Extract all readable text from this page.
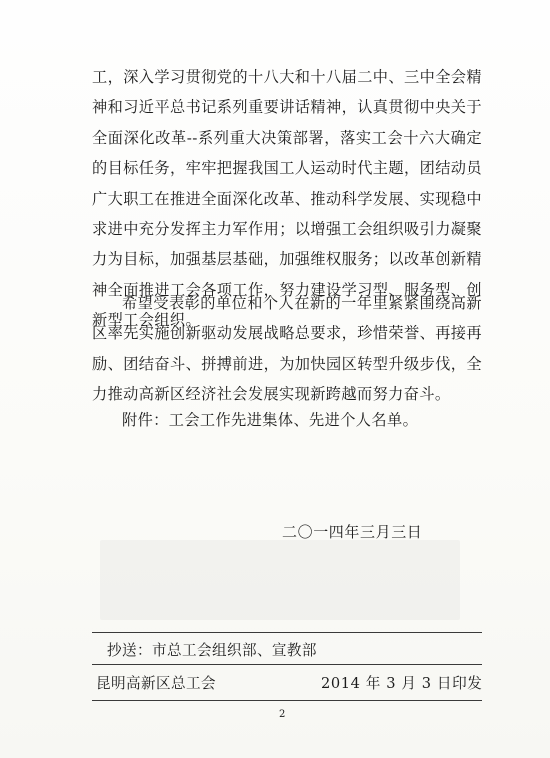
工，深入学习贯彻党的十八大和十八届二中、三中全会精神和习近平总书记系列重要讲话精神，认真贯彻中央关于全面深化改革--系列重大决策部署，落实工会十六大确定的目标任务，牢牢把握我国工人运动时代主题，团结动员广大职工在推进全面深化改革、推动科学发展、实现稳中求进中充分发挥主力军作用；以增强工会组织吸引力凝聚力为目标，加强基层基础，加强维权服务；以改革创新精神全面推进工会各项工作，努力建设学习型、服务型、创新型工会组织。

希望受表彰的单位和个人在新的一年里紧紧围绕高新区率先实施创新驱动发展战略总要求，珍惜荣誉、再接再励、团结奋斗、拼搏前进，为加快园区转型升级步伐，全力推动高新区经济社会发展实现新跨越而努力奋斗。

附件：工会工作先进集体、先进个人名单。
二〇一四年三月三日
抄送：市总工会组织部、宣教部
昆明高新区总工会	2014 年 3 月 3 日印发
2
